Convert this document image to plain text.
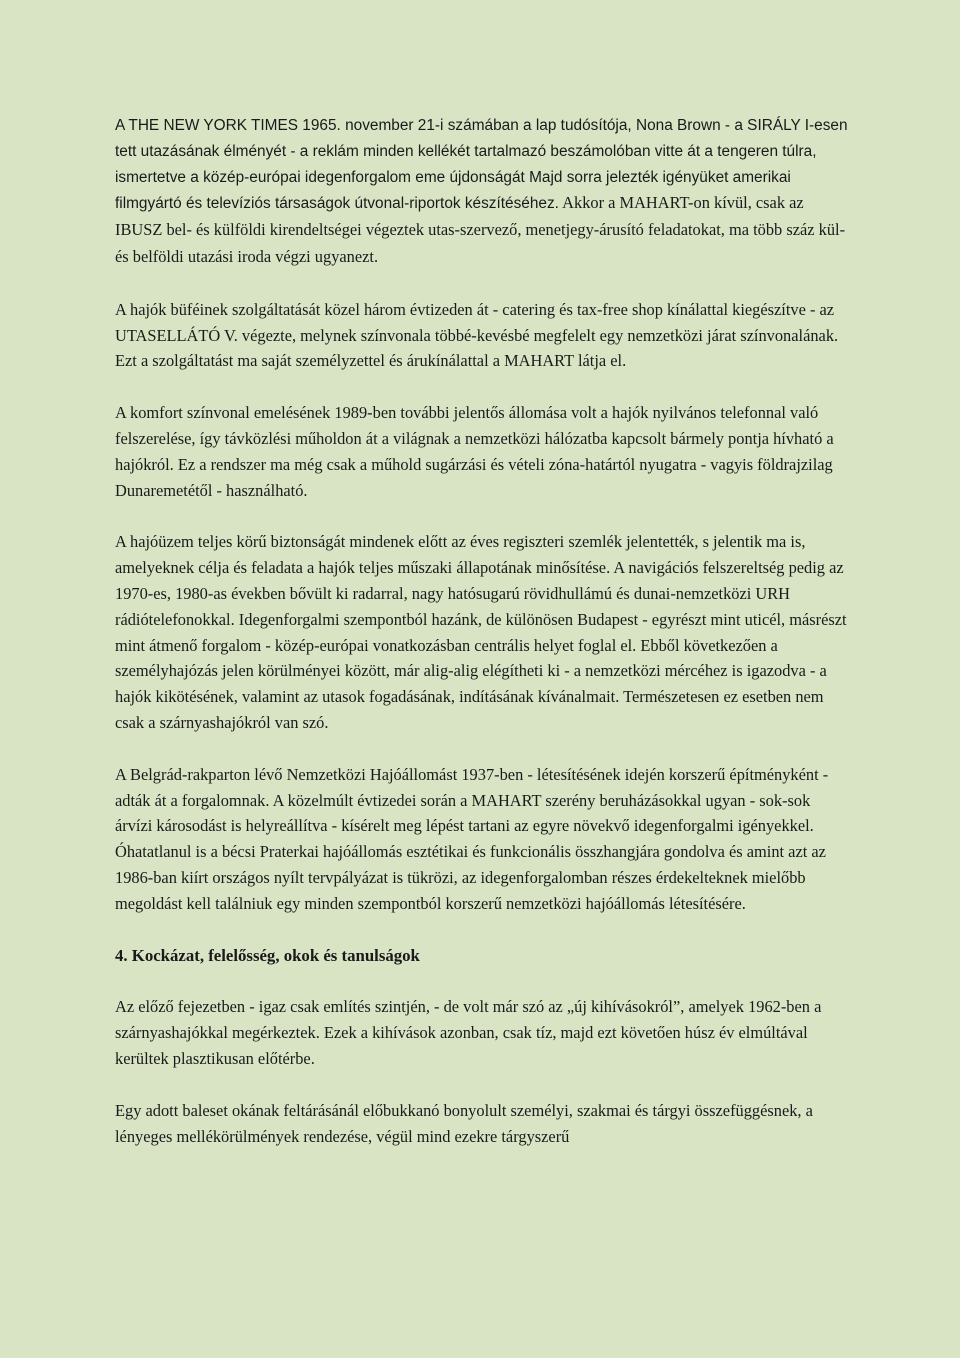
A THE NEW YORK TIMES 1965. november 21-i számában a lap tudósítója, Nona Brown - a SIRÁLY I-esen tett utazásának élményét - a reklám minden kellékét tartalmazó beszámolóban vitte át a tengeren túlra, ismertetve a közép-európai idegenforgalom eme újdonságát Majd sorra jelezték igényüket amerikai filmgyártó és televíziós társaságok útvonal-riportok készítéséhez. Akkor a MAHART-on kívül, csak az IBUSZ bel- és külföldi kirendeltségei végeztek utas-szervező, menetjegy-árusító feladatokat, ma több száz kül- és belföldi utazási iroda végzi ugyanezt.

A hajók büféinek szolgáltatását közel három évtizeden át - catering és tax-free shop kínálattal kiegészítve - az UTASELLÁTÓ V. végezte, melynek színvonala többé-kevésbé megfelelt egy nemzetközi járat színvonalának. Ezt a szolgáltatást ma saját személyzettel és árukínálattal a MAHART látja el.

A komfort színvonal emelésének 1989-ben további jelentős állomása volt a hajók nyilvános telefonnal való felszerelése, így távközlési műholdon át a világnak a nemzetközi hálózatba kapcsolt bármely pontja hívható a hajókról. Ez a rendszer ma még csak a műhold sugárzási és vételi zóna-határtól nyugatra - vagyis földrajzilag Dunaremetétől - használható.

A hajóüzem teljes körű biztonságát mindenek előtt az éves regiszteri szemlék jelentették, s jelentik ma is, amelyeknek célja és feladata a hajók teljes műszaki állapotának minősítése. A navigációs felszereltség pedig az 1970-es, 1980-as években bővült ki radarral, nagy hatósugarú rövidhullámú és dunai-nemzetközi URH rádiótelefonokkal. Idegenforgalmi szempontból hazánk, de különösen Budapest - egyrészt mint uticél, másrészt mint átmenő forgalom - közép-európai vonatkozásban centrális helyet foglal el. Ebből következően a személyhajózás jelen körülményei között, már alig-alig elégítheti ki - a nemzetközi mércéhez is igazodva - a hajók kikötésének, valamint az utasok fogadásának, indításának kívánalmait. Természetesen ez esetben nem csak a szárnyashajókról van szó.

A Belgrád-rakparton lévő Nemzetközi Hajóállomást 1937-ben - létesítésének idején korszerű építményként - adták át a forgalomnak. A közelmúlt évtizedei során a MAHART szerény beruházásokkal ugyan - sok-sok árvízi károsodást is helyreállítva - kísérelt meg lépést tartani az egyre növekvő idegenforgalmi igényekkel. Óhatatlanul is a bécsi Praterkai hajóállomás esztétikai és funkcionális összhangjára gondolva és amint azt az 1986-ban kiírt országos nyílt tervpályázat is tükrözi, az idegenforgalomban részes érdekelteknek mielőbb megoldást kell találniuk egy minden szempontból korszerű nemzetközi hajóállomás létesítésére.

4. Kockázat, felelősség, okok és tanulságok

Az előző fejezetben - igaz csak említés szintjén, - de volt már szó az „új kihívásokról”, amelyek 1962-ben a szárnyashajókkal megérkeztek. Ezek a kihívások azonban, csak tíz, majd ezt követően húsz év elmúltával kerültek plasztikusan előtérbe.

Egy adott baleset okának feltárásánál előbukkanó bonyolult személyi, szakmai és tárgyi összefüggésnek, a lényeges mellékörülmények rendezése, végül mind ezekre tárgyszerű
